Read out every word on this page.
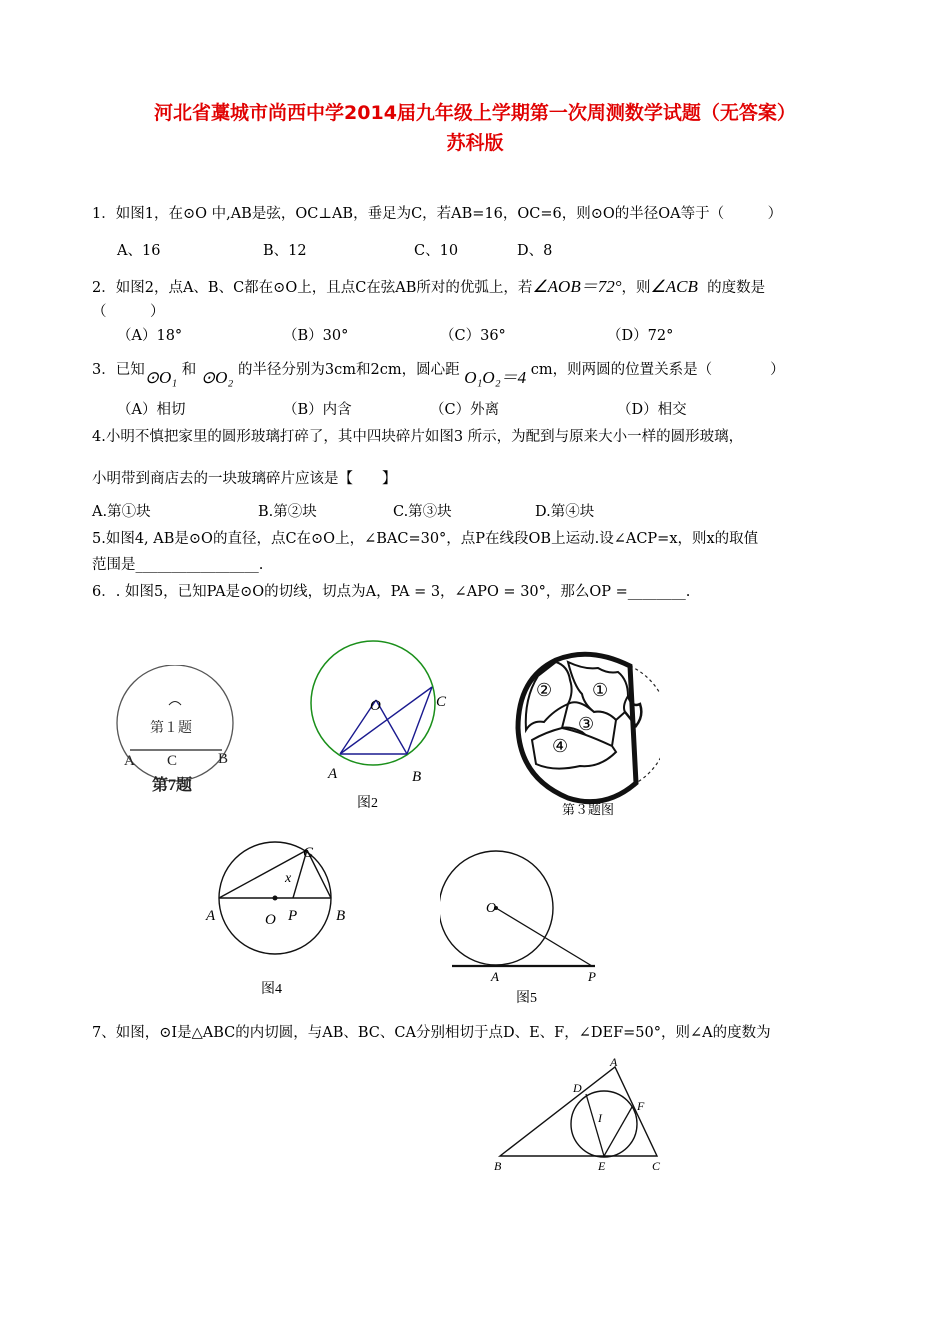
河北省藁城市尚西中学2014届九年级上学期第一次周测数学试题（无答案）
苏科版
1．如图1，在⊙O 中,AB是弦，OC⊥AB，垂足为C，若AB=16，OC=6，则⊙O的半径OA等于（　　　）
A、16	B、12	C、10	D、8
2．如图2，点A、B、C都在⊙O上，且点C在弦AB所对的优弧上，若∠AOB＝72°，则∠ACB 的度数是
（　　　）
（A）18°	（B）30°	（C）36°	（D）72°
3．已知⊙O₁ 和 ⊙O₂ 的半径分别为3cm和2cm，圆心距 O₁O₂＝4 cm，则两圆的位置关系是（　　　　）
（A）相切	（B）内含	（C）外离	（D）相交
4.小明不慎把家里的圆形玻璃打碎了，其中四块碎片如图3 所示，为配到与原来大小一样的圆形玻璃，
小明带到商店去的一块玻璃碎片应该是【　　】
A.第①块	B.第②块	C.第③块	D.第④块
5.如图4, AB是⊙O的直径，点C在⊙O上，∠BAC=30°，点P在线段OB上运动.设∠ACP=x，则x的取值
范围是_________________.
6．. 如图5，已知PA是⊙O的切线，切点为A，PA = 3，∠APO = 30°，那么OP =________.
第１题
A C	B
第7题
O	C
A	B
图2
①
②
③
④
第３题图
C
x
A	O P	B
图4
O
A	P
图5
7、如图，⊙I是△ABC的内切圆，与AB、BC、CA分别相切于点D、E、F，∠DEF=50°，则∠A的度数为
A
D
F
I
B	E	C
